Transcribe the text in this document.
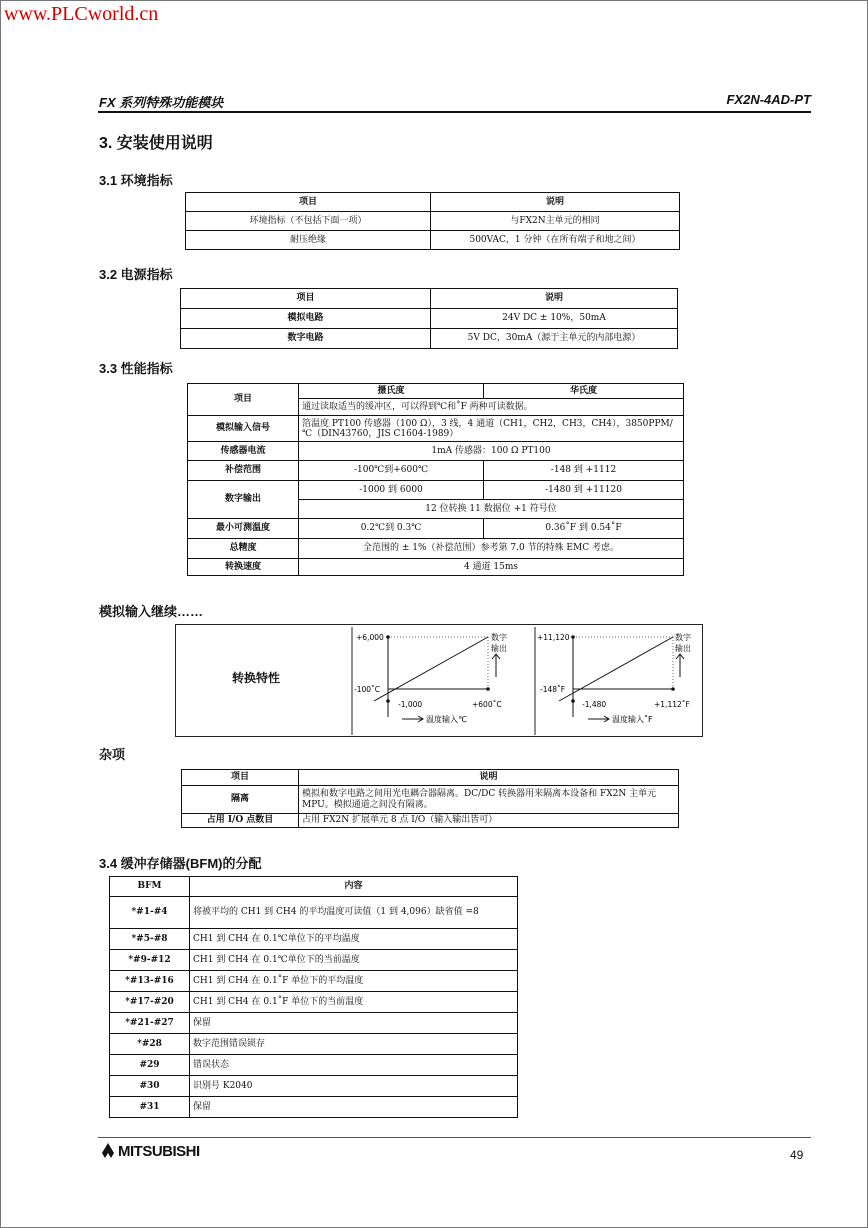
www.PLCworld.cn
FX 系列特殊功能模块	FX2N-4AD-PT
3. 安装使用说明
3.1 环境指标
项目	说明
环境指标（不包括下面一项）	与FX2N主单元的相同
耐压绝缘	500VAC，1 分钟（在所有端子和地之间）
3.2 电源指标
项目	说明
模拟电路	24V DC ± 10%，50mA
数字电路	5V DC，30mA（源于主单元的内部电源）
3.3 性能指标
项目	摄氏度	华氏度
	通过读取适当的缓冲区，可以得到℃和˚F 两种可读数据。	
模拟输入信号	箔温度 PT100 传感器（100 Ω），3 线，4 通道（CH1，CH2，CH3，CH4），3850PPM/℃（DIN43760，JIS C1604-1989）	
传感器电流	1mA 传感器：100 Ω PT100	
补偿范围	-100℃到+600℃	-148 到 +1112
数字输出	-1000 到 6000	-1480 到 +11120
	12 位转换 11 数据位 +1 符号位	
最小可测温度	0.2℃到 0.3℃	0.36˚F 到 0.54˚F
总精度	全范围的 ± 1%（补偿范围）参考第 7.0 节的特殊 EMC 考虑。	
转换速度	4 通道 15ms	
模拟输入继续……
转换特性
+6,000
-100˚C
-1,000	+600˚C
数字
输出
温度输入℃
+11,120
-148˚F
-1,480	+1,112˚F
数字
输出
温度输入˚F
杂项
项目	说明
隔离	模拟和数字电路之间用光电耦合器隔离。DC/DC 转换器用来隔离本设备和 FX2N 主单元 MPU。模拟通道之间没有隔离。
占用 I/O 点数目	占用 FX2N 扩展单元 8 点 I/O（输入输出皆可）
3.4 缓冲存储器(BFM)的分配
BFM	内容
*#1-#4	将被平均的 CH1 到 CH4 的平均温度可读值（1 到 4,096）缺省值 =8
*#5-#8	CH1 到 CH4 在 0.1℃单位下的平均温度
*#9-#12	CH1 到 CH4 在 0.1℃单位下的当前温度
*#13-#16	CH1 到 CH4 在 0.1˚F 单位下的平均温度
*#17-#20	CH1 到 CH4 在 0.1˚F 单位下的当前温度
*#21-#27	保留
*#28	数字范围错误锁存
#29	错误状态
#30	识别号 K2040
#31	保留
MITSUBISHI	49
